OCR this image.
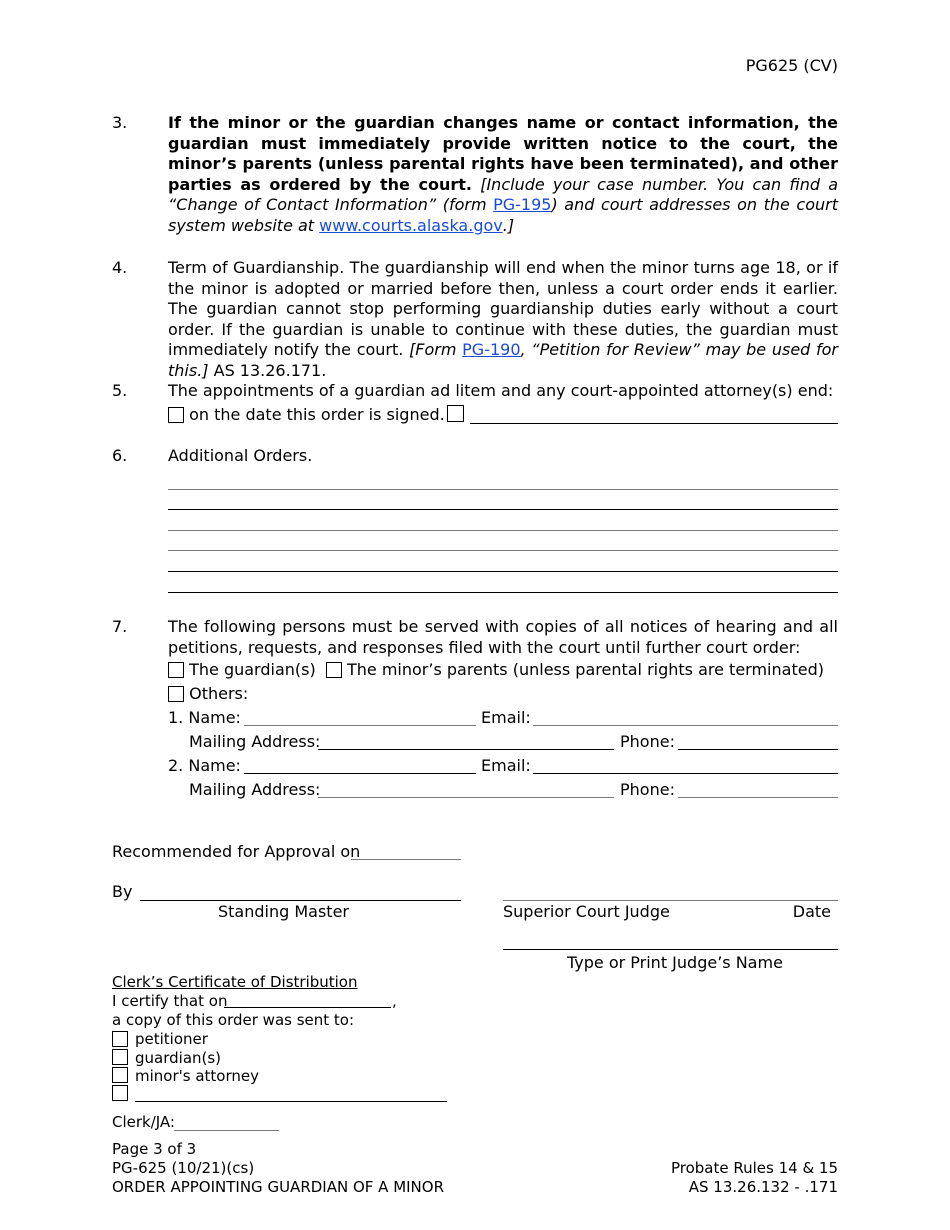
PG625 (CV)
3.	If the minor or the guardian changes name or contact information, the guardian must immediately provide written notice to the court, the minor’s parents (unless parental rights have been terminated), and other parties as ordered by the court. [Include your case number. You can find a “Change of Contact Information” (form PG-195) and court addresses on the court system website at www.courts.alaska.gov.]
4.	Term of Guardianship. The guardianship will end when the minor turns age 18, or if the minor is adopted or married before then, unless a court order ends it earlier. The guardian cannot stop performing guardianship duties early without a court order. If the guardian is unable to continue with these duties, the guardian must immediately notify the court. [Form PG-190, “Petition for Review” may be used for this.] AS 13.26.171.
5.	The appointments of a guardian ad litem and any court-appointed attorney(s) end:
on the date this order is signed.
6.	Additional Orders.
7.	The following persons must be served with copies of all notices of hearing and all petitions, requests, and responses filed with the court until further court order:
The guardian(s) The minor’s parents (unless parental rights are terminated)
Others:
1. Name:	Email:
Mailing Address:	Phone:
2. Name:	Email:
Mailing Address:	Phone:
Recommended for Approval on
By
Standing Master	Superior Court Judge	Date
Type or Print Judge’s Name
Clerk’s Certificate of Distribution
I certify that on	,
a copy of this order was sent to:
petitioner
guardian(s)
minor's attorney
Clerk/JA:
Page 3 of 3
PG-625 (10/21)(cs)
ORDER APPOINTING GUARDIAN OF A MINOR
Probate Rules 14 & 15
AS 13.26.132 - .171
